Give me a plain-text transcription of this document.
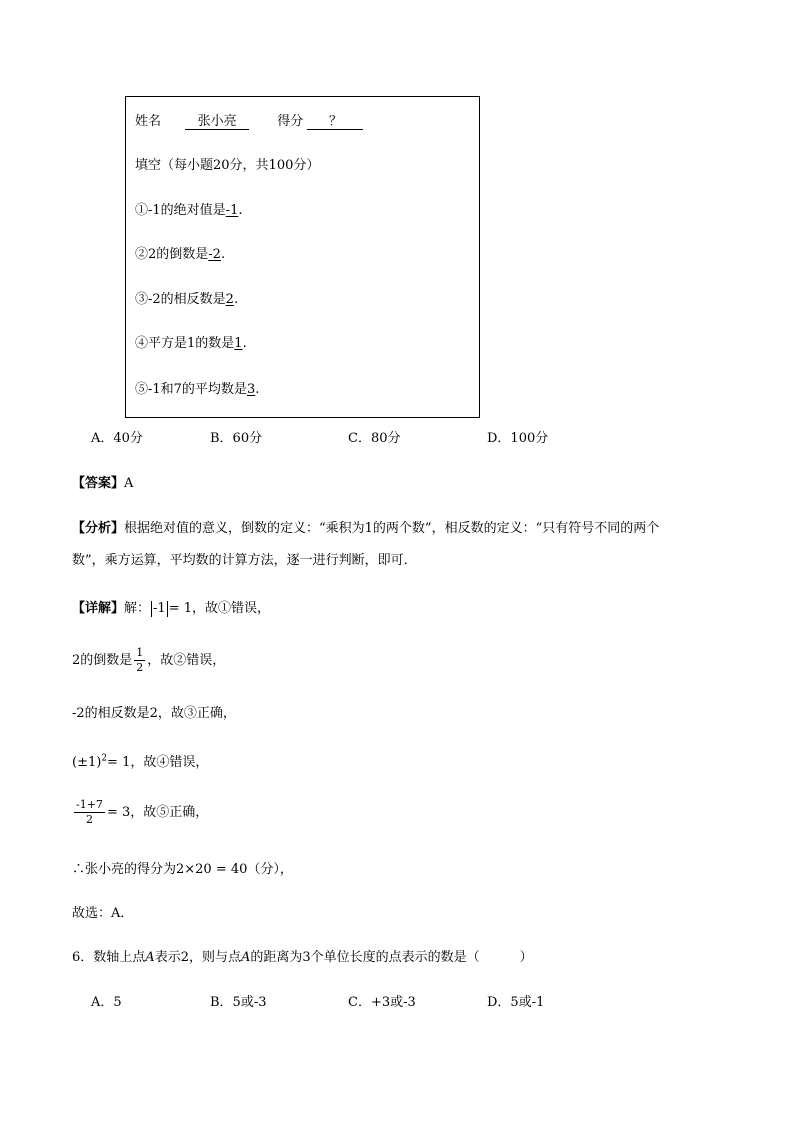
姓名	张小亮	得分 ？
填空（每小题20分，共100分）
①-1的绝对值是-1.
②2的倒数是-2.
③-2的相反数是2.
④平方是1的数是1.
⑤-1和7的平均数是3.
A．40分	B．60分	C．80分	D．100分
【答案】A
【分析】根据绝对值的意义，倒数的定义：“乘积为1的两个数”，相反数的定义：“只有符号不同的两个
数”，乘方运算，平均数的计算方法，逐一进行判断，即可．
【详解】解： -1 = 1，故①错误，
2的倒数是 $\frac{1}{2}$ ，故②错误，
-2的相反数是2，故③正确，
$(\pm 1)^2= 1$，故④错误，
$\frac{-1+7}{2} = 3$，故⑤正确，
∴张小亮的得分为2×20 = 40（分），
故选：A．
6．数轴上点A表示2，则与点A的距离为3个单位长度的点表示的数是（	）
A．5	B．5或-3	C．+3或-3	D．5或-1
